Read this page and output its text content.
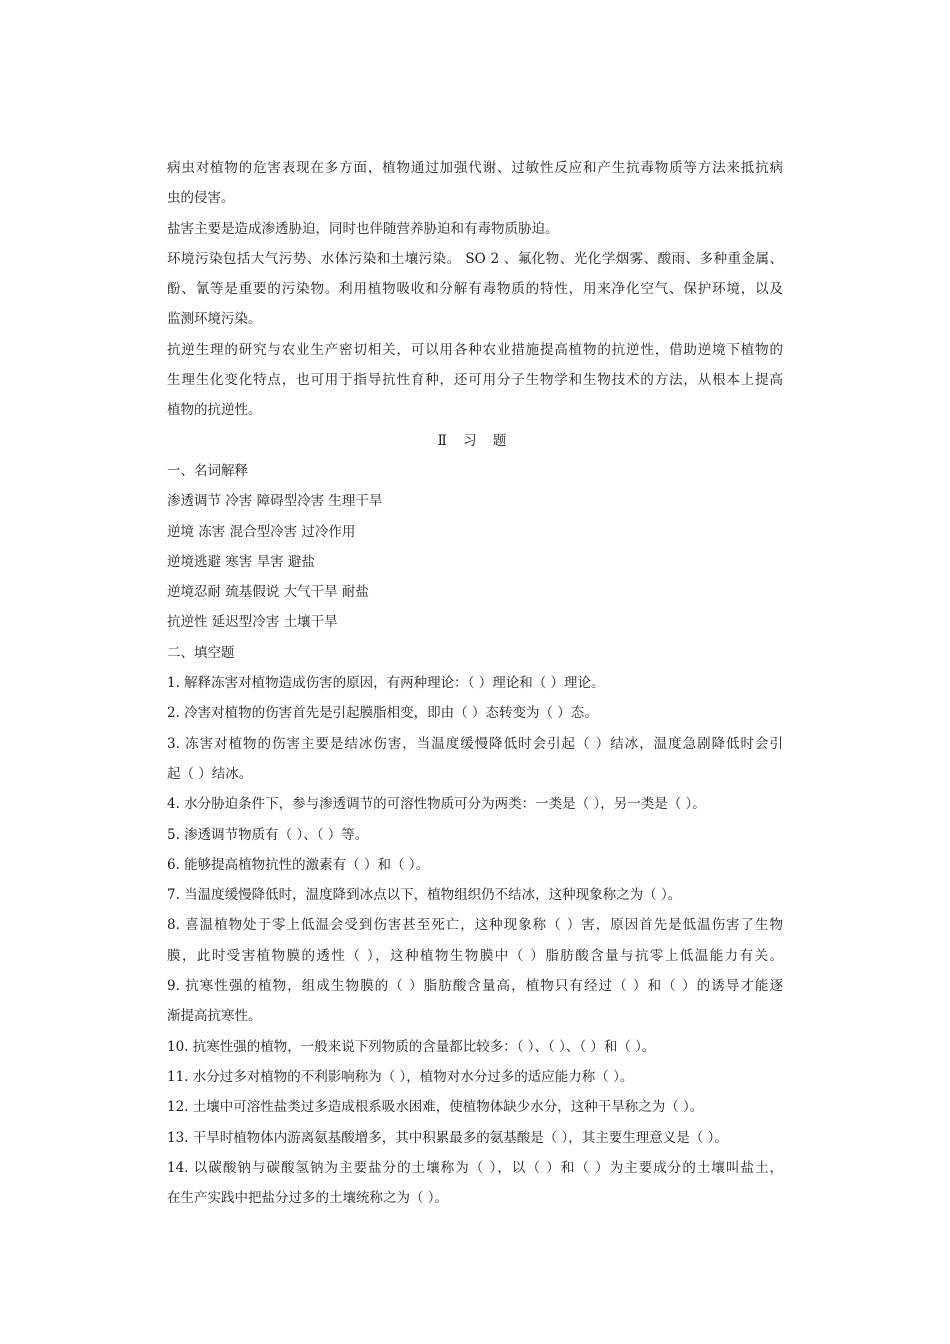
病虫对植物的危害表现在多方面，植物通过加强代谢、过敏性反应和产生抗毒物质等方法来抵抗病

虫的侵害。

盐害主要是造成渗透胁迫，同时也伴随营养胁迫和有毒物质胁迫。

环境污染包括大气污势、水体污染和土壤污染。 SO 2 、氟化物、光化学烟雾、酸雨、多种重金属、

酚、氰等是重要的污染物。利用植物吸收和分解有毒物质的特性，用来净化空气、保护环境，以及

监测环境污染。

抗逆生理的研究与农业生产密切相关，可以用各种农业措施提高植物的抗逆性，借助逆境下植物的

生理生化变化特点，也可用于指导抗性育种，还可用分子生物学和生物技术的方法，从根本上提高

植物的抗逆性。

Ⅱ 习 题
一、名词解释

渗透调节 冷害 障碍型冷害 生理干旱

逆境 冻害 混合型冷害 过冷作用

逆境逃避 寒害 旱害 避盐

逆境忍耐 巯基假说 大气干旱 耐盐

抗逆性 延迟型冷害 土壤干旱

二、填空题

1. 解释冻害对植物造成伤害的原因，有两种理论：（ ）理论和（ ）理论。

2. 冷害对植物的伤害首先是引起膜脂相变，即由（ ）态转变为（ ）态。

3. 冻害对植物的伤害主要是结冰伤害，当温度缓慢降低时会引起（ ）结冰，温度急剧降低时会引

起（ ）结冰。

4. 水分胁迫条件下，参与渗透调节的可溶性物质可分为两类：一类是（ ），另一类是（ ）。

5. 渗透调节物质有（ ）、（ ）等。

6. 能够提高植物抗性的激素有（ ）和（ ）。

7. 当温度缓慢降低时，温度降到冰点以下，植物组织仍不结冰，这种现象称之为（ ）。

8. 喜温植物处于零上低温会受到伤害甚至死亡，这种现象称（ ）害，原因首先是低温伤害了生物

膜，此时受害植物膜的透性（ ），这种植物生物膜中（ ）脂肪酸含量与抗零上低温能力有关。

9. 抗寒性强的植物，组成生物膜的（ ）脂肪酸含量高，植物只有经过（ ）和（ ）的诱导才能逐

渐提高抗寒性。

10. 抗寒性强的植物，一般来说下列物质的含量都比较多：（ ）、（ ）、（ ）和（ ）。

11. 水分过多对植物的不利影响称为（ ），植物对水分过多的适应能力称（ ）。

12. 土壤中可溶性盐类过多造成根系吸水困难，使植物体缺少水分，这种干旱称之为（ ）。

13. 干旱时植物体内游离氨基酸增多，其中积累最多的氨基酸是（ ），其主要生理意义是（ ）。

14. 以碳酸钠与碳酸氢钠为主要盐分的土壤称为（ ），以（ ）和（ ）为主要成分的土壤叫盐土，

在生产实践中把盐分过多的土壤统称之为（ ）。
